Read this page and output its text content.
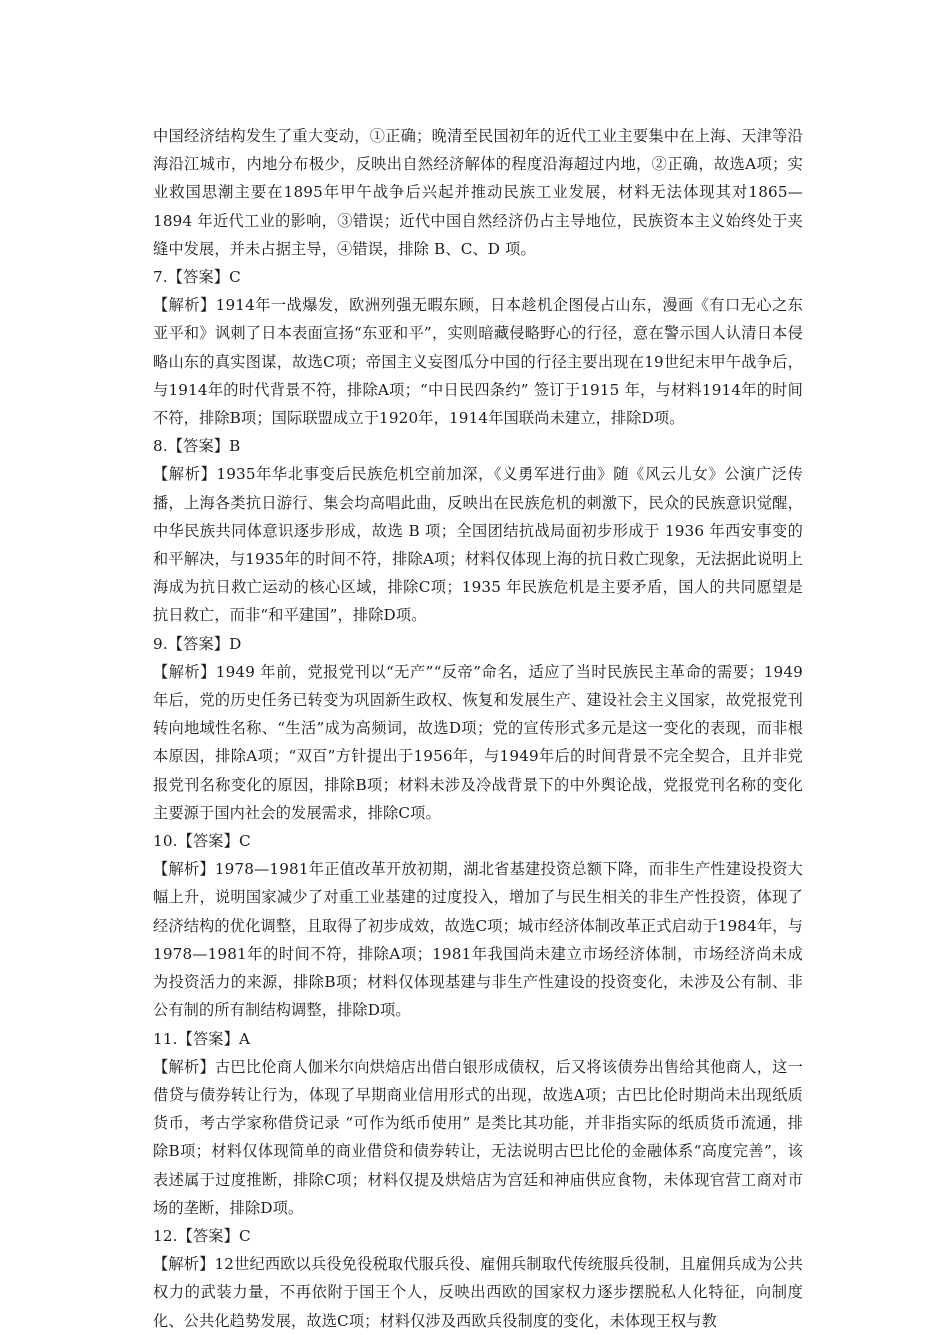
中国经济结构发生了重大变动，①正确；晚清至民国初年的近代工业主要集中在上海、天津等沿海沿江城市，内地分布极少，反映出自然经济解体的程度沿海超过内地，②正确，故选A项；实业救国思潮主要在1895年甲午战争后兴起并推动民族工业发展，材料无法体现其对1865—1894 年近代工业的影响，③错误；近代中国自然经济仍占主导地位，民族资本主义始终处于夹缝中发展，并未占据主导，④错误，排除 B、C、D 项。

7.【答案】C

【解析】1914年一战爆发，欧洲列强无暇东顾，日本趁机企图侵占山东，漫画《有口无心之东亚平和》讽刺了日本表面宣扬“东亚和平”，实则暗藏侵略野心的行径，意在警示国人认清日本侵略山东的真实图谋，故选C项；帝国主义妄图瓜分中国的行径主要出现在19世纪末甲午战争后，与1914年的时代背景不符，排除A项；“中日民四条约” 签订于1915 年，与材料1914年的时间不符，排除B项；国际联盟成立于1920年，1914年国联尚未建立，排除D项。

8.【答案】B

【解析】1935年华北事变后民族危机空前加深，《义勇军进行曲》随《风云儿女》公演广泛传播，上海各类抗日游行、集会均高唱此曲，反映出在民族危机的刺激下，民众的民族意识觉醒，中华民族共同体意识逐步形成，故选 B 项；全国团结抗战局面初步形成于 1936 年西安事变的和平解决，与1935年的时间不符，排除A项；材料仅体现上海的抗日救亡现象，无法据此说明上海成为抗日救亡运动的核心区域，排除C项；1935 年民族危机是主要矛盾，国人的共同愿望是抗日救亡，而非“和平建国”，排除D项。

9.【答案】D

【解析】1949 年前，党报党刊以“无产”“反帝”命名，适应了当时民族民主革命的需要；1949年后，党的历史任务已转变为巩固新生政权、恢复和发展生产、建设社会主义国家，故党报党刊转向地域性名称、“生活”成为高频词，故选D项；党的宣传形式多元是这一变化的表现，而非根本原因，排除A项；“双百”方针提出于1956年，与1949年后的时间背景不完全契合，且并非党报党刊名称变化的原因，排除B项；材料未涉及冷战背景下的中外舆论战，党报党刊名称的变化主要源于国内社会的发展需求，排除C项。

10.【答案】C

【解析】1978—1981年正值改革开放初期，湖北省基建投资总额下降，而非生产性建设投资大幅上升，说明国家减少了对重工业基建的过度投入，增加了与民生相关的非生产性投资，体现了经济结构的优化调整，且取得了初步成效，故选C项；城市经济体制改革正式启动于1984年，与 1978—1981年的时间不符，排除A项；1981年我国尚未建立市场经济体制，市场经济尚未成为投资活力的来源，排除B项；材料仅体现基建与非生产性建设的投资变化，未涉及公有制、非公有制的所有制结构调整，排除D项。

11.【答案】A

【解析】古巴比伦商人伽米尔向烘焙店出借白银形成债权，后又将该债券出售给其他商人，这一借贷与债券转让行为，体现了早期商业信用形式的出现，故选A项；古巴比伦时期尚未出现纸质货币，考古学家称借贷记录 “可作为纸币使用” 是类比其功能，并非指实际的纸质货币流通，排除B项；材料仅体现简单的商业借贷和债券转让，无法说明古巴比伦的金融体系“高度完善”，该表述属于过度推断，排除C项；材料仅提及烘焙店为宫廷和神庙供应食物，未体现官营工商对市场的垄断，排除D项。

12.【答案】C

【解析】12世纪西欧以兵役免役税取代服兵役、雇佣兵制取代传统服兵役制，且雇佣兵成为公共权力的武装力量，不再依附于国王个人，反映出西欧的国家权力逐步摆脱私人化特征，向制度化、公共化趋势发展，故选C项；材料仅涉及西欧兵役制度的变化，未体现王权与教
